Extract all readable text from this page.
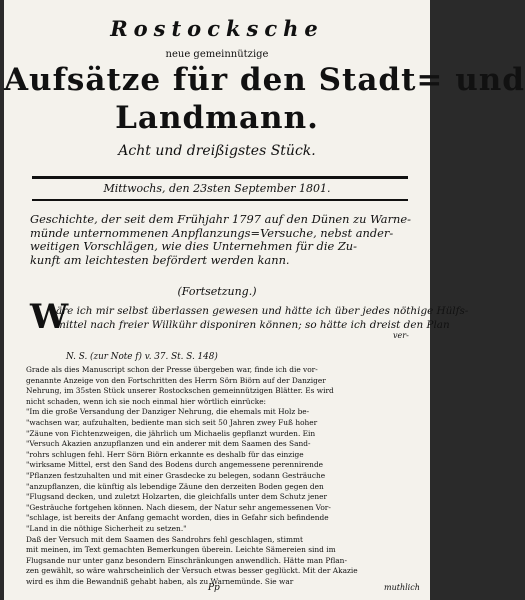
Rostocksche
neue gemeinnützige
Aufsätze für den Stadt= und
Landmann.
Acht und dreißigstes Stück.
Mittwochs, den 23sten September 1801.
Geschichte, der seit dem Frühjahr 1797 auf den Dünen zu Warne-
münde unternommenen Anpflanzungs=Versuche, nebst ander-
weitigen Vorschlägen, wie dies Unternehmen für die Zu-
kunft am leichtesten befördert werden kann.
(Fortsetzung.)
W
äre ich mir selbst überlassen gewesen und hätte ich über jedes nöthige Hülfs-
mittel nach freier Willkühr disponiren können; so hätte ich dreist den Plan
ver-
N. S. (zur Note f) v. 37. St. S. 148)
Grade als dies Manuscript schon der Presse übergeben war, finde ich die vor-
genannte Anzeige von den Fortschritten des Herrn Sörn Biörn auf der Danziger
Nehrung, im 35sten Stück unserer Rostockschen gemeinnützigen Blätter. Es wird
nicht schaden, wenn ich sie noch einmal hier wörtlich einrücke:
"Im die große Versandung der Danziger Nehrung, die ehemals mit Holz be-
"wachsen war, aufzuhalten, bediente man sich seit 50 Jahren zwey Fuß hoher
"Zäune von Fichtenzweigen, die jährlich um Michaelis gepflanzt wurden. Ein
"Versuch Akazien anzupflanzen und ein anderer mit dem Saamen des Sand-
"rohrs schlugen fehl. Herr Sörn Biörn erkannte es deshalb für das einzige
"wirksame Mittel, erst den Sand des Bodens durch angemessene perennirende
"Pflanzen festzuhalten und mit einer Grasdecke zu belegen, sodann Gesträuche
"anzupflanzen, die künftig als lebendige Zäune den derzeiten Boden gegen den
"Flugsand decken, und zuletzt Holzarten, die gleichfalls unter dem Schutz jener
"Gesträuche fortgehen können. Nach diesem, der Natur sehr angemessenen Vor-
"schlage, ist bereits der Anfang gemacht worden, dies in Gefahr sich befindende
"Land in die nöthige Sicherheit zu setzen."
Daß der Versuch mit dem Saamen des Sandrohrs fehl geschlagen, stimmt
mit meinen, im Text gemachten Bemerkungen überein. Leichte Sämereien sind im
Flugsande nur unter ganz besondern Einschränkungen anwendlich. Hätte man Pflan-
zen gewählt, so wäre wahrscheinlich der Versuch etwas besser geglückt. Mit der Akazie
wird es ihm die Bewandniß gehabt haben, als zu Warnemünde. Sie war
Pp	muthlich
